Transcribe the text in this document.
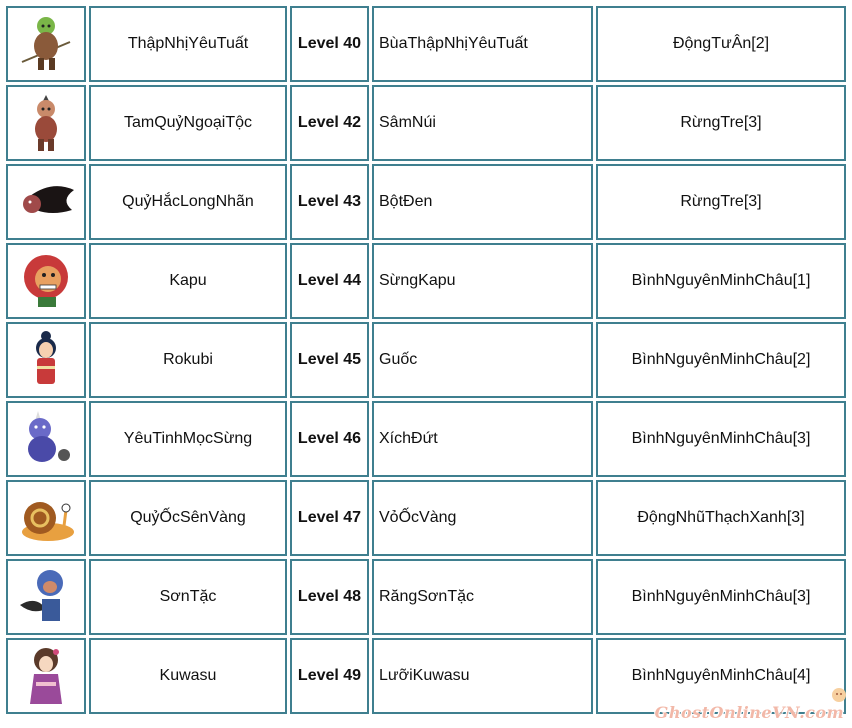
	ThậpNhịYêuTuất	Level 40	BùaThậpNhịYêuTuất	ĐộngTưÂn[2]
	TamQuỷNgoạiTộc	Level 42	SâmNúi	RừngTre[3]
	QuỷHắcLongNhãn	Level 43	BộtĐen	RừngTre[3]
	Kapu	Level 44	SừngKapu	BìnhNguyênMinhChâu[1]
	Rokubi	Level 45	Guốc	BìnhNguyênMinhChâu[2]
	YêuTinhMọcSừng	Level 46	XíchĐứt	BìnhNguyênMinhChâu[3]
	QuỷỐcSênVàng	Level 47	VỏỐcVàng	ĐộngNhũThạchXanh[3]
	SơnTặc	Level 48	RăngSơnTặc	BìnhNguyênMinhChâu[3]
	Kuwasu	Level 49	LưỡiKuwasu	BìnhNguyênMinhChâu[4]
GhostOnlineVN.com
